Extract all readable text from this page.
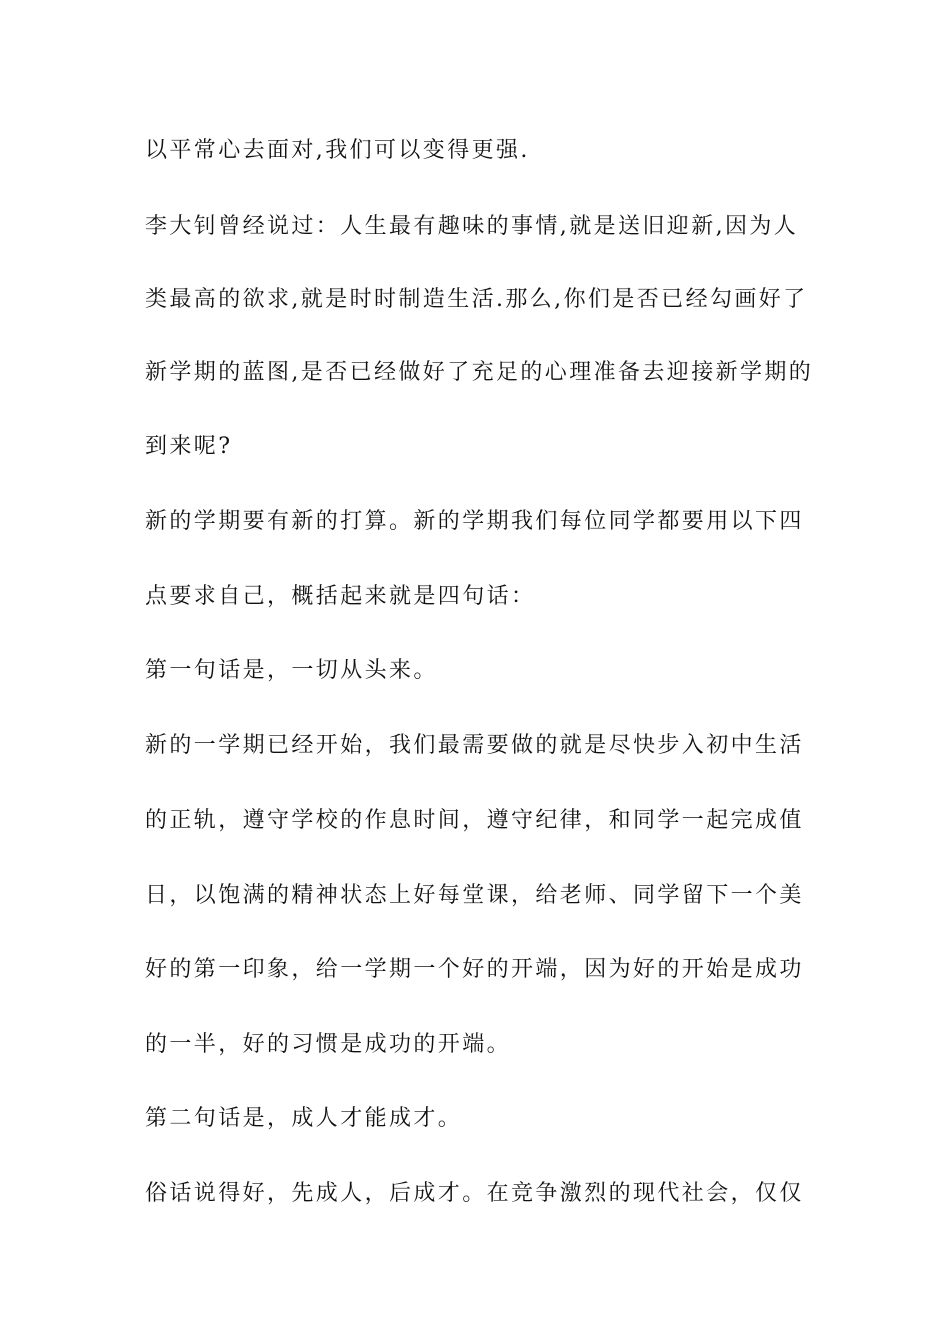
以平常心去面对,我们可以变得更强.
李大钊曾经说过：人生最有趣味的事情,就是送旧迎新,因为人
类最高的欲求,就是时时制造生活.那么,你们是否已经勾画好了
新学期的蓝图,是否已经做好了充足的心理准备去迎接新学期的
到来呢?
新的学期要有新的打算。新的学期我们每位同学都要用以下四
点要求自己，概括起来就是四句话：
第一句话是，一切从头来。
新的一学期已经开始，我们最需要做的就是尽快步入初中生活
的正轨，遵守学校的作息时间，遵守纪律，和同学一起完成值
日，以饱满的精神状态上好每堂课，给老师、同学留下一个美
好的第一印象，给一学期一个好的开端，因为好的开始是成功
的一半，好的习惯是成功的开端。
第二句话是，成人才能成才。
俗话说得好，先成人，后成才。在竞争激烈的现代社会，仅仅
